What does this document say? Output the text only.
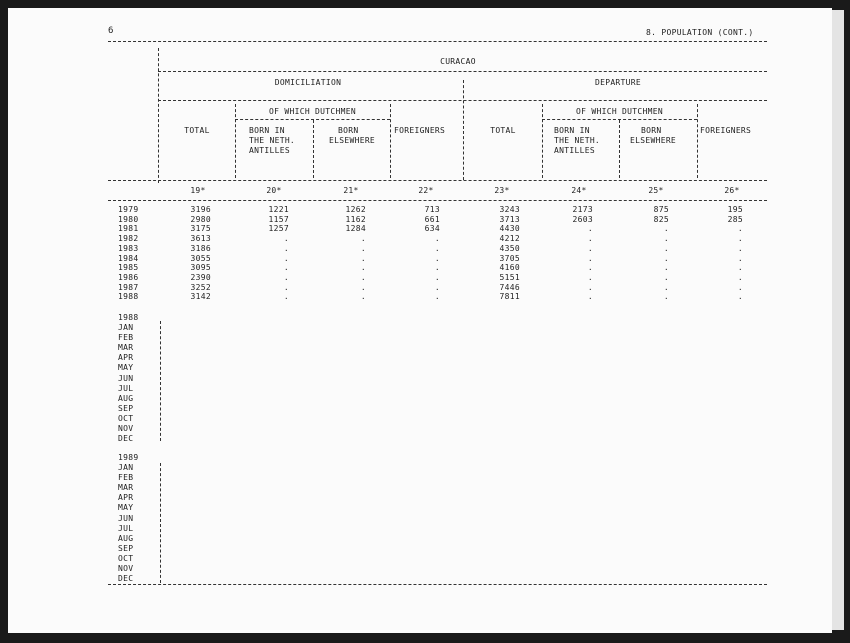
6	8. POPULATION (CONT.)
CURACAO
DOMICILIATION	DEPARTURE
OF WHICH DUTCHMEN	OF WHICH DUTCHMEN
TOTAL	BORN IN
THE NETH.
ANTILLES
BORN
ELSEWHERE
FOREIGNERS	TOTAL	BORN IN
THE NETH.
ANTILLES
BORN
ELSEWHERE
FOREIGNERS
19*	20*	21*	22*	23*	24*	25*	26*
1979	3196	1221	1262	713	3243	2173	875	195
1980	2980	1157	1162	661	3713	2603	825	285
1981	3175	1257	1284	634	4430	.	.	.
1982	3613	.	.	.	4212	.	.	.
1983	3186	.	.	.	4350	.	.	.
1984	3055	.	.	.	3705	.	.	.
1985	3095	.	.	.	4160	.	.	.
1986	2390	.	.	.	5151	.	.	.
1987	3252	.	.	.	7446	.	.	.
1988	3142	.	.	.	7811	.	.	.
1988
JAN
FEB
MAR
APR
MAY
JUN
JUL
AUG
SEP
OCT
NOV
DEC
1989
JAN
FEB
MAR
APR
MAY
JUN
JUL
AUG
SEP
OCT
NOV
DEC
